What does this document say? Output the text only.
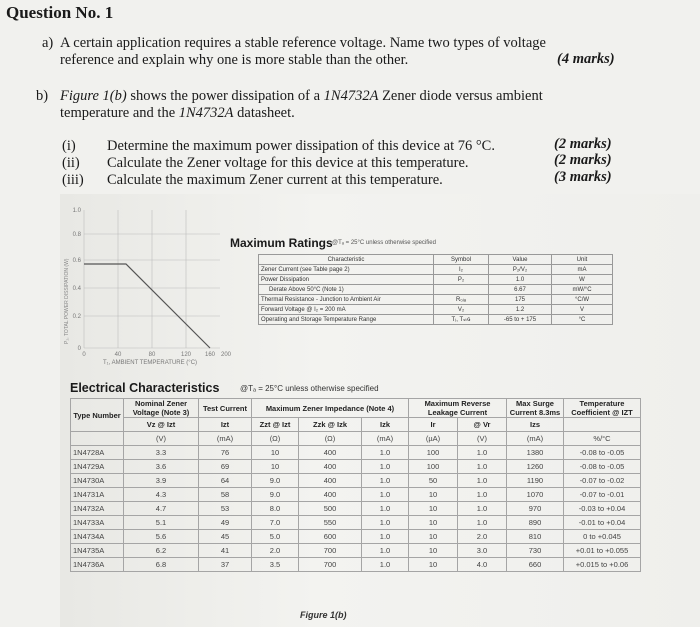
Question No. 1
a) A certain application requires a stable reference voltage. Name two types of voltage
reference and explain why one is more stable than the other.	(4 marks)
b) Figure 1(b) shows the power dissipation of a 1N4732A Zener diode versus ambient
temperature and the 1N4732A datasheet.
(i) Determine the maximum power dissipation of this device at 76 °C.	(2 marks)
(ii) Calculate the Zener voltage for this device at this temperature.	(2 marks)
(iii) Calculate the maximum Zener current at this temperature.	(3 marks)
1.0
0.8
0.6
0.4
0.2
0
0	40	80	120 160 200
T₁, AMBIENT TEMPERATURE (°C)
P₂, TOTAL POWER DISSIPATION (W)
Maximum Ratings @Tₐ = 25°C unless otherwise specified
Characteristic	Symbol	Value	Unit
Zener Current (see Table page 2)	I₂	P₂/V₂	mA
Power Dissipation	P₂	1.0	W
Derate Above 50°C (Note 1)		6.67	mW/°C
Thermal Resistance - Junction to Ambient Air	R₀ⱼₐ	175	°C/W
Forward Voltage @ I₂ = 200 mA	V₂	1.2	V
Operating and Storage Temperature Range	Tⱼ, Tₛₜɢ	-65 to + 175	°C
Electrical Characteristics	@Tₐ = 25°C unless otherwise specified
Type Number	Nominal Zener Voltage (Note 3)	Test Current	Maximum Zener Impedance (Note 4)			Maximum Reverse Leakage Current		Max Surge Current 8.3ms	Temperature Coefficient @ IZT
	Vz @ Izt	Izt	Zzt @ Izt	Zzk @ Izk	Izk	Ir	@ Vr	Izs	
	(V)	(mA)	(Ω)	(Ω)	(mA)	(µA)	(V)	(mA)	%/°C
1N4728A	3.3	76	10	400	1.0	100	1.0	1380	-0.08 to -0.05
1N4729A	3.6	69	10	400	1.0	100	1.0	1260	-0.08 to -0.05
1N4730A	3.9	64	9.0	400	1.0	50	1.0	1190	-0.07 to -0.02
1N4731A	4.3	58	9.0	400	1.0	10	1.0	1070	-0.07 to -0.01
1N4732A	4.7	53	8.0	500	1.0	10	1.0	970	-0.03 to +0.04
1N4733A	5.1	49	7.0	550	1.0	10	1.0	890	-0.01 to +0.04
1N4734A	5.6	45	5.0	600	1.0	10	2.0	810	0 to +0.045
1N4735A	6.2	41	2.0	700	1.0	10	3.0	730	+0.01 to +0.055
1N4736A	6.8	37	3.5	700	1.0	10	4.0	660	+0.015 to +0.06
Figure 1(b)
